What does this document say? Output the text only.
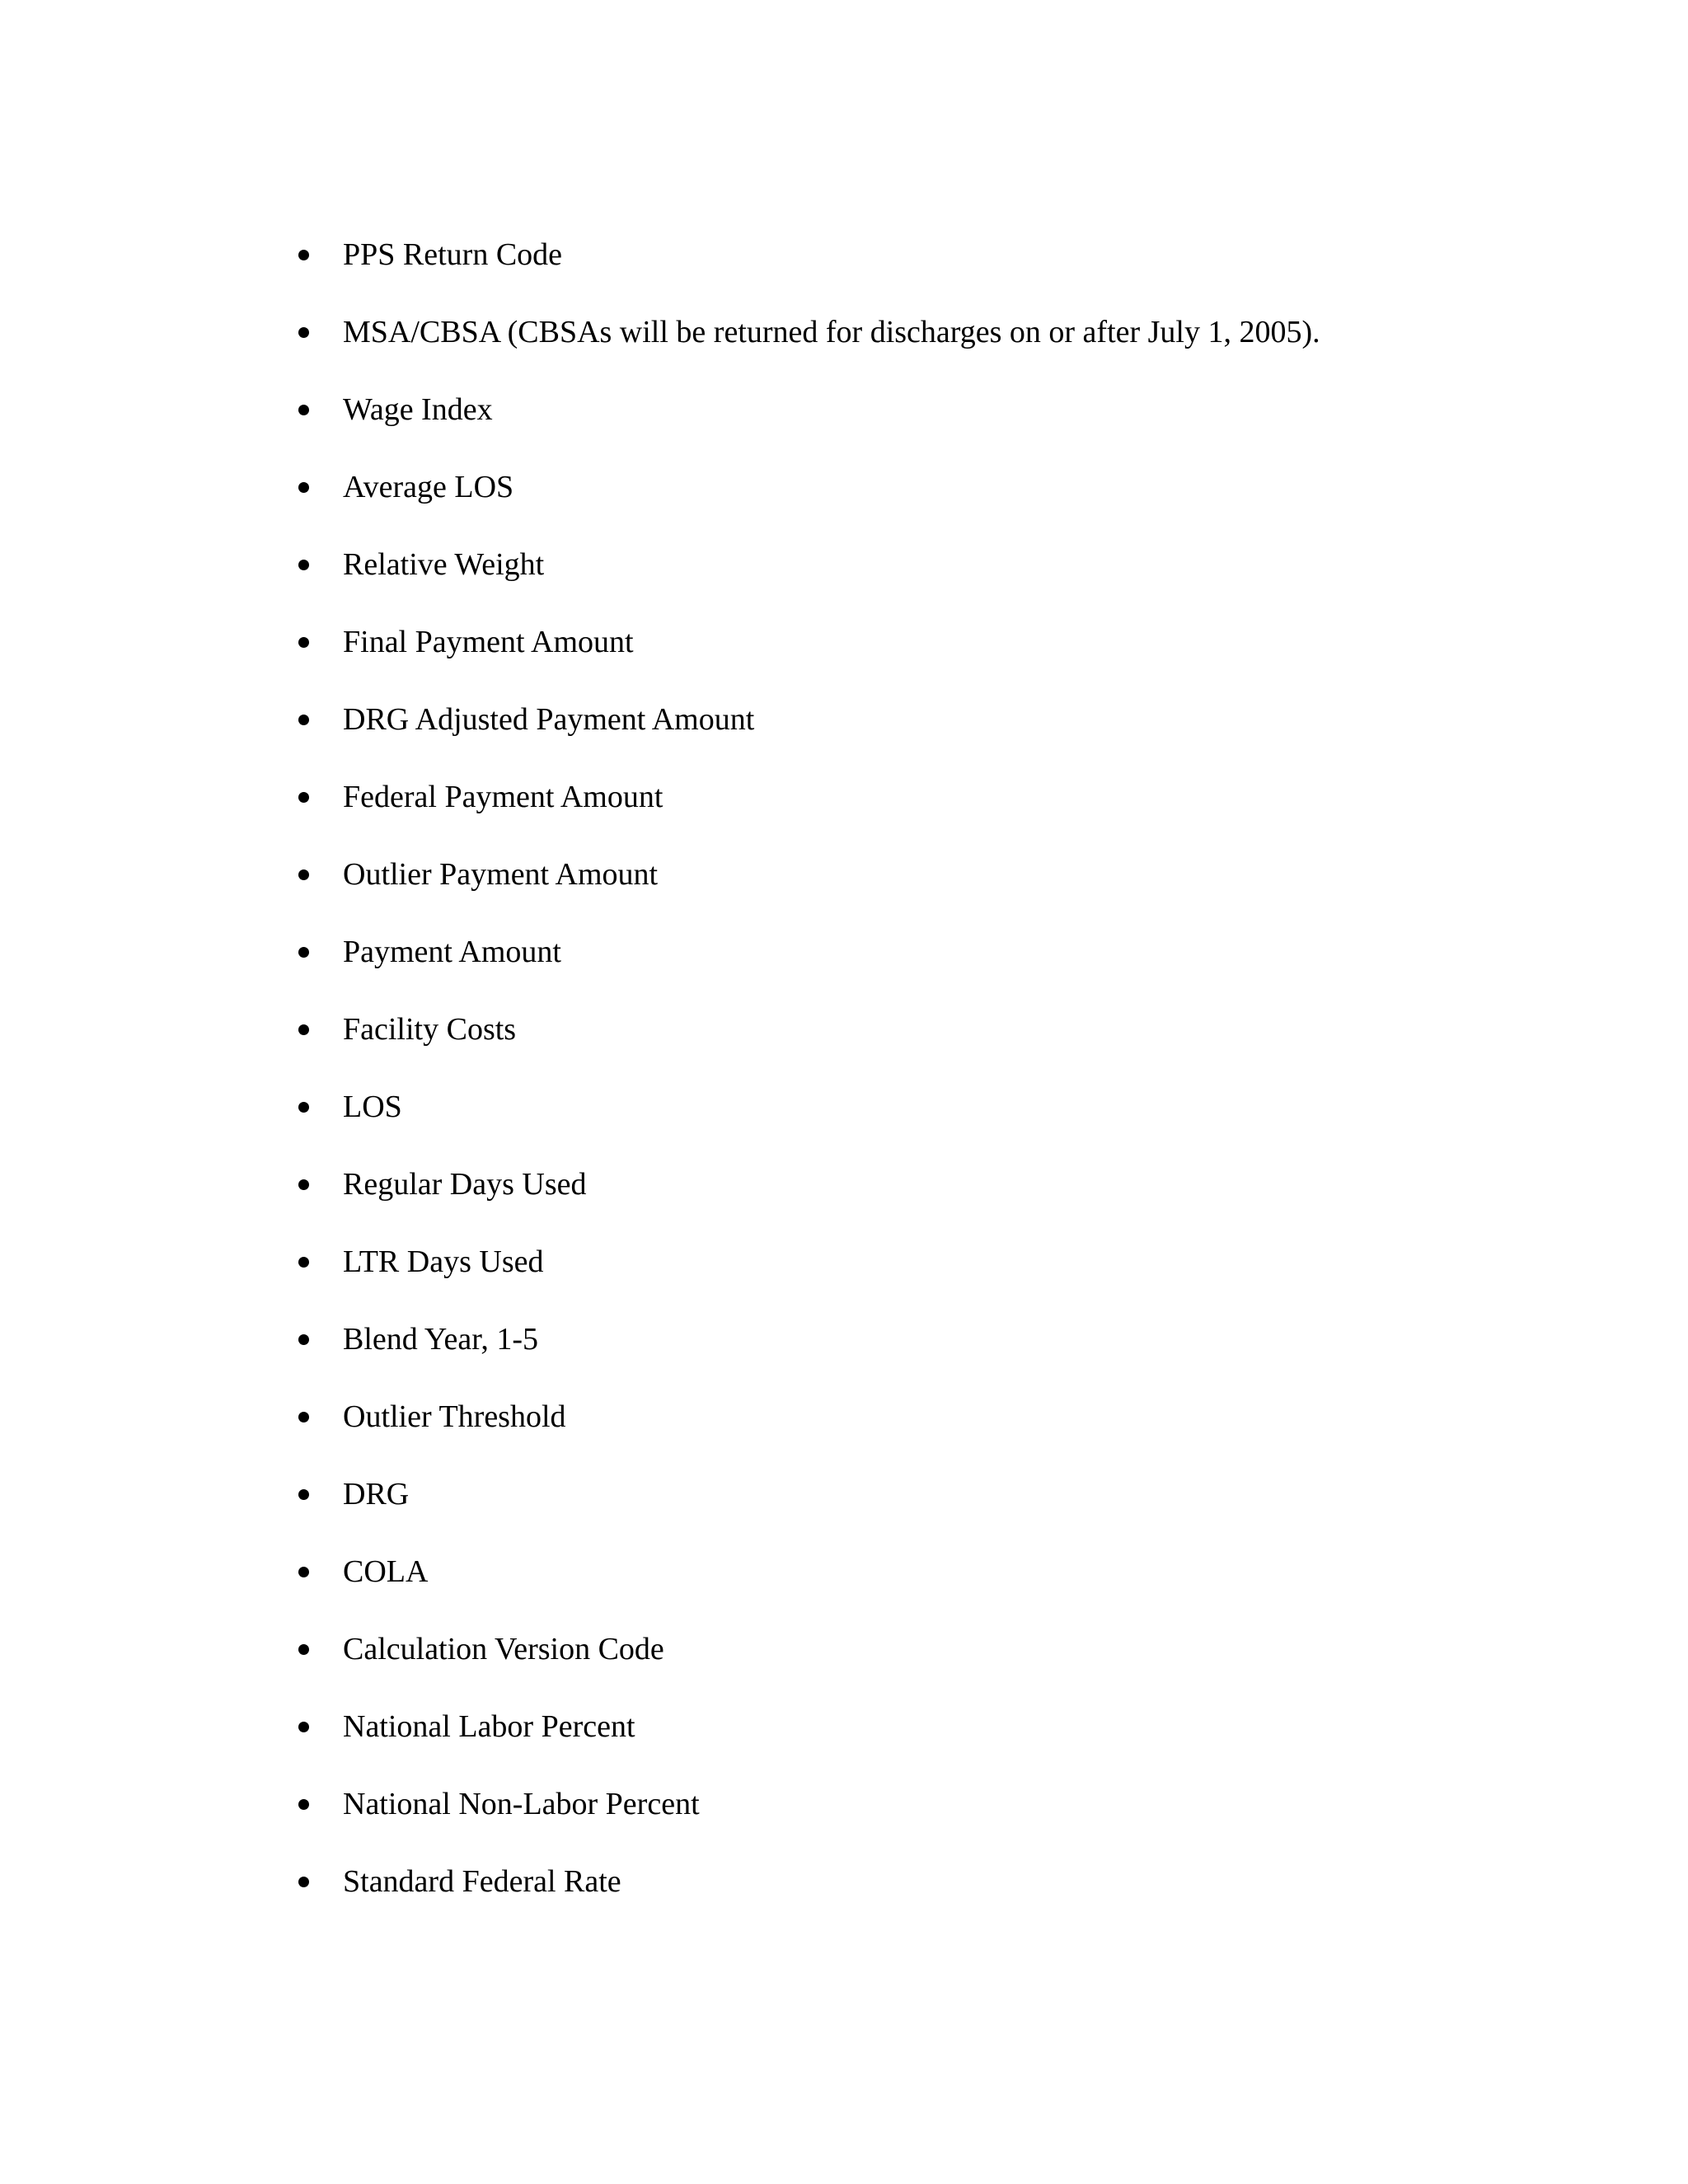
PPS Return Code
MSA/CBSA (CBSAs will be returned for discharges on or after July 1, 2005).
Wage Index
Average LOS
Relative Weight
Final Payment Amount
DRG Adjusted Payment Amount
Federal Payment Amount
Outlier Payment Amount
Payment Amount
Facility Costs
LOS
Regular Days Used
LTR Days Used
Blend Year, 1-5
Outlier Threshold
DRG
COLA
Calculation Version Code
National Labor Percent
National Non-Labor Percent
Standard Federal Rate
